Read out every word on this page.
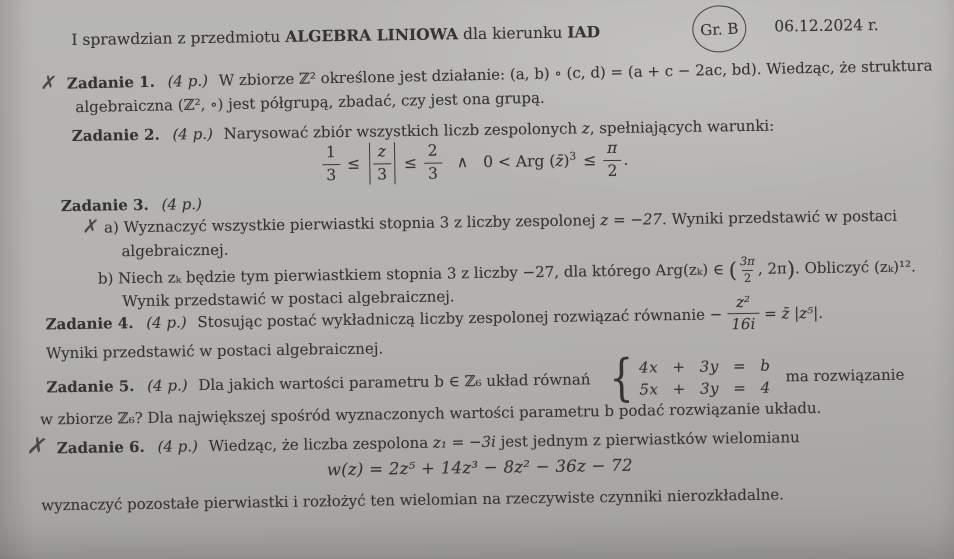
I sprawdzian z przedmiotu ALGEBRA LINIOWA dla kierunku IAD	Gr. B 06.12.2024 r.
✗ Zadanie 1. (4 p.) W zbiorze ℤ² określone jest działanie: (a, b) ∘ (c, d) = (a + c − 2ac, bd). Wiedząc, że struktura
algebraiczna (ℤ², ∘) jest półgrupą, zbadać, czy jest ona grupą.
Zadanie 2. (4 p.) Narysować zbiór wszystkich liczb zespolonych z, spełniających warunki:
$\frac{1}{3} \le \frac{z}{3} \le \frac{2}{3}$ ∧ 0 < Arg (z̄)$^3$ ≤ $\frac{\pi}{2}$ .
Zadanie 3. (4 p.)
✗ a) Wyznaczyć wszystkie pierwiastki stopnia 3 z liczby zespolonej z = −27. Wyniki przedstawić w postaci
algebraicznej.
b) Niech zₖ będzie tym pierwiastkiem stopnia 3 z liczby −27, dla którego Arg(zₖ) ∈ ( $\frac{3\pi}{2}$ , 2π). Obliczyć (zₖ)¹².
Wynik przedstawić w postaci algebraicznej.
Zadanie 4. (4 p.) Stosując postać wykładniczą liczby zespolonej rozwiązać równanie − $\frac{\text{z²}}{16i}$ = z̄ |z⁵|.
Wyniki przedstawić w postaci algebraicznej.
Zadanie 5. (4 p.) Dla jakich wartości parametru b ∈ ℤ₆ układ równań { 4x + 3y = b
5x + 3y = 4
ma rozwiązanie
w zbiorze ℤ₆? Dla największej spośród wyznaczonych wartości parametru b podać rozwiązanie układu.
✗ Zadanie 6. (4 p.) Wiedząc, że liczba zespolona z₁ = −3i jest jednym z pierwiastków wielomianu
w(z) = 2z⁵ + 14z³ − 8z² − 36z − 72
wyznaczyć pozostałe pierwiastki i rozłożyć ten wielomian na rzeczywiste czynniki nierozkładalne.
